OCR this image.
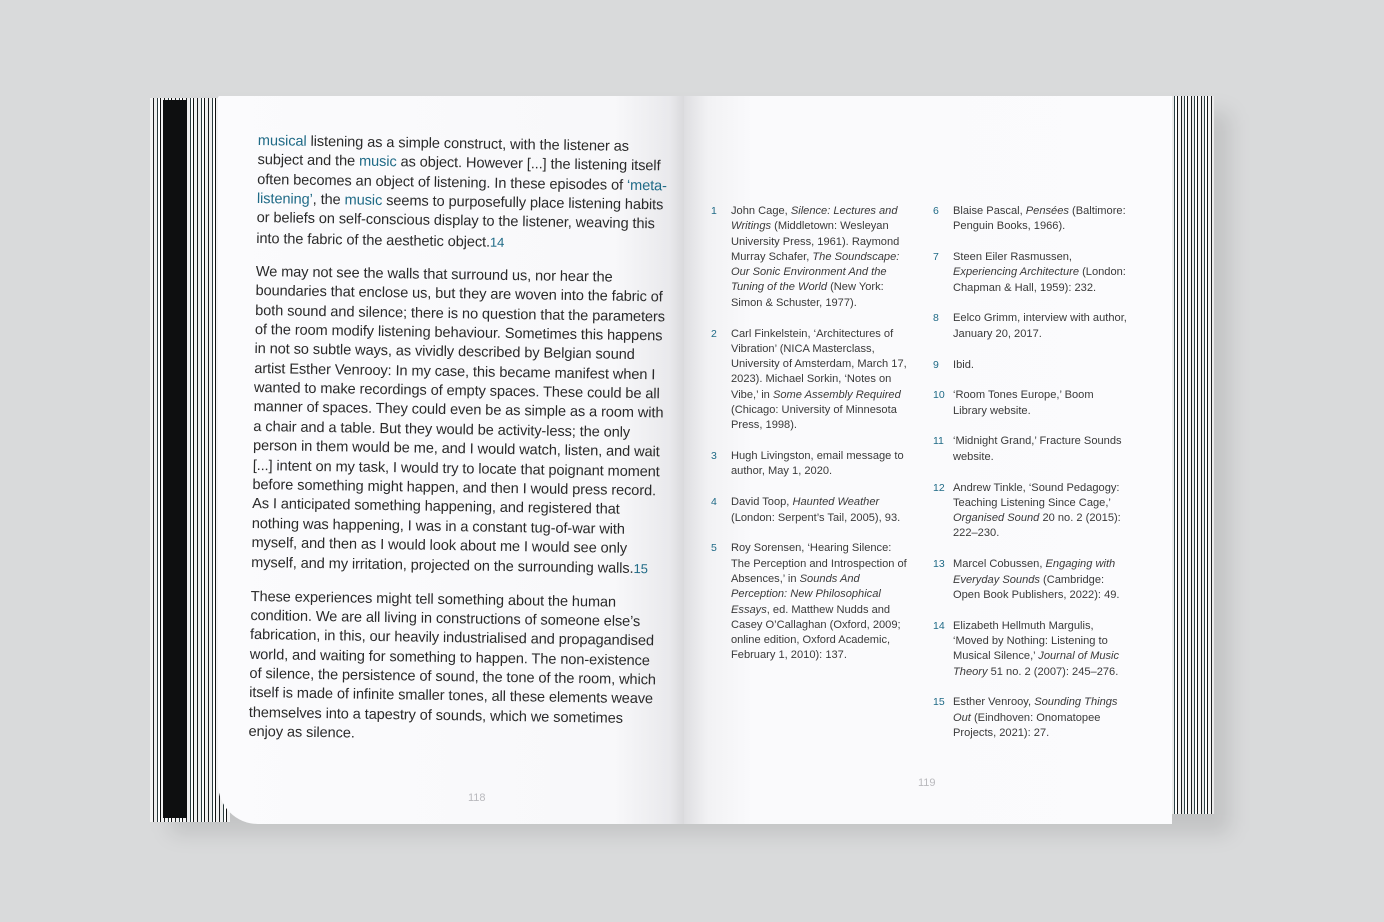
musical listening as a simple construct, with the listener as subject and the music as object. However [...] the listening itself often becomes an object of listening. In these episodes of ‘meta-listening’, the music seems to purposefully place listening habits or beliefs on self-conscious display to the listener, weaving this into the fabric of the aesthetic object.14

We may not see the walls that surround us, nor hear the boundaries that enclose us, but they are woven into the fabric of both sound and silence; there is no question that the parameters of the room modify listening behaviour. Sometimes this happens in not so subtle ways, as vividly described by Belgian sound artist Esther Venrooy: In my case, this became manifest when I wanted to make recordings of empty spaces. These could be all manner of spaces. They could even be as simple as a room with a chair and a table. But they would be activity-less; the only person in them would be me, and I would watch, listen, and wait [...] intent on my task, I would try to locate that poignant moment before something might happen, and then I would press record. As I anticipated something happening, and registered that nothing was happening, I was in a constant tug-of-war with myself, and then as I would look about me I would see only myself, and my irritation, projected on the surrounding walls.15

These experiences might tell something about the human condition. We are all living in constructions of someone else’s fabrication, in this, our heavily industrialised and propagandised world, and waiting for something to happen. The non-existence of silence, the persistence of sound, the tone of the room, which itself is made of infinite smaller tones, all these elements weave themselves into a tapestry of sounds, which we sometimes enjoy as silence.

118
1	John Cage, Silence: Lectures and Writings (Middletown: Wesleyan University Press, 1961). Raymond Murray Schafer, The Soundscape: Our Sonic Environment And the Tuning of the World (New York: Simon & Schuster, 1977).
2	Carl Finkelstein, ‘Architectures of Vibration’ (NICA Masterclass, University of Amsterdam, March 17, 2023). Michael Sorkin, ‘Notes on Vibe,’ in Some Assembly Required (Chicago: University of Minnesota Press, 1998).
3	Hugh Livingston, email message to author, May 1, 2020.
4	David Toop, Haunted Weather (London: Serpent’s Tail, 2005), 93.
5	Roy Sorensen, ‘Hearing Silence: The Perception and Introspection of Absences,’ in Sounds And Perception: New Philosophical Essays, ed. Matthew Nudds and Casey O’Callaghan (Oxford, 2009; online edition, Oxford Academic, February 1, 2010): 137.
6	Blaise Pascal, Pensées (Baltimore: Penguin Books, 1966).
7	Steen Eiler Rasmussen, Experiencing Architecture (London: Chapman & Hall, 1959): 232.
8	Eelco Grimm, interview with author, January 20, 2017.
9	Ibid.
10 ‘Room Tones Europe,’ Boom Library website.
11 ‘Midnight Grand,’ Fracture Sounds website.
12 Andrew Tinkle, ‘Sound Pedagogy: Teaching Listening Since Cage,’ Organised Sound 20 no. 2 (2015): 222–230.
13 Marcel Cobussen, Engaging with Everyday Sounds (Cambridge: Open Book Publishers, 2022): 49.
14 Elizabeth Hellmuth Margulis, ‘Moved by Nothing: Listening to Musical Silence,’ Journal of Music Theory 51 no. 2 (2007): 245–276.
15 Esther Venrooy, Sounding Things Out (Eindhoven: Onomatopee Projects, 2021): 27.
119
